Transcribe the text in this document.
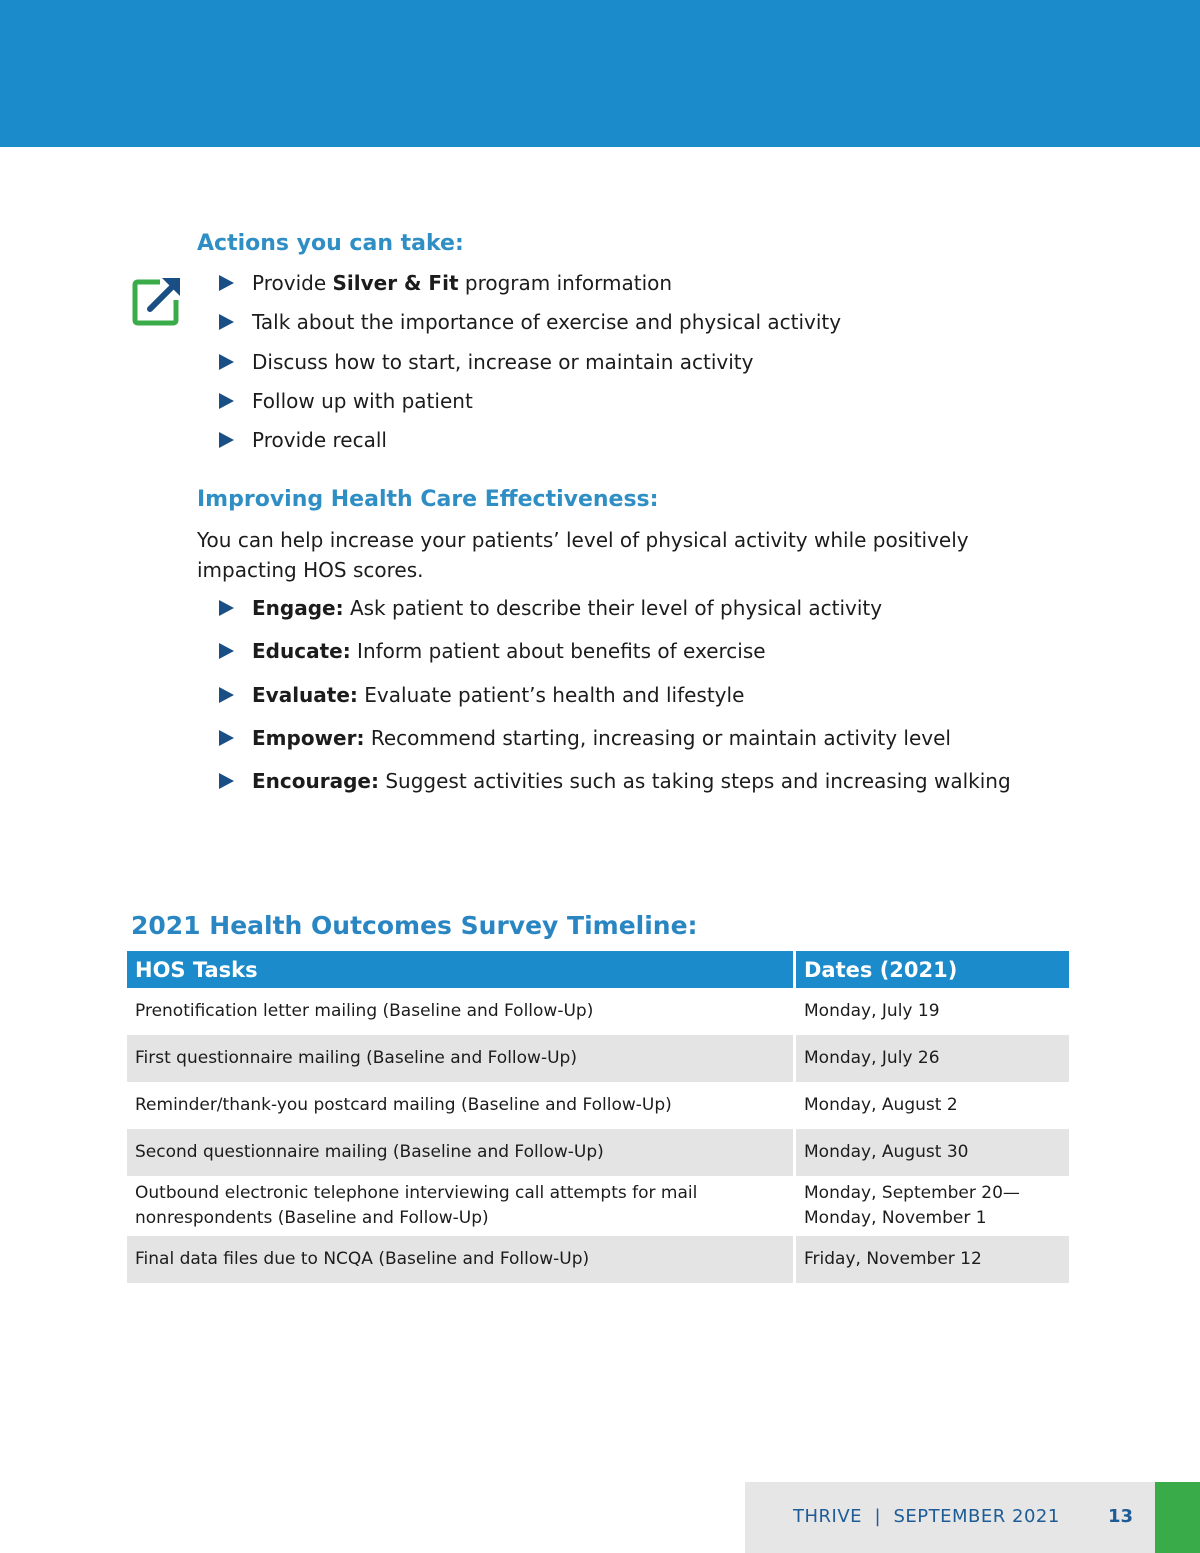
Actions you can take:
Provide Silver & Fit program information
Talk about the importance of exercise and physical activity
Discuss how to start, increase or maintain activity
Follow up with patient
Provide recall
Improving Health Care Effectiveness:

You can help increase your patients’ level of physical activity while positively impacting HOS scores.

Engage: Ask patient to describe their level of physical activity
Educate: Inform patient about benefits of exercise
Evaluate: Evaluate patient’s health and lifestyle
Empower: Recommend starting, increasing or maintain activity level
Encourage: Suggest activities such as taking steps and increasing walking
2021 Health Outcomes Survey Timeline:
HOS Tasks	Dates (2021)
Prenotification letter mailing (Baseline and Follow-Up)	Monday, July 19
First questionnaire mailing (Baseline and Follow-Up)	Monday, July 26
Reminder/thank-you postcard mailing (Baseline and Follow-Up)	Monday, August 2
Second questionnaire mailing (Baseline and Follow-Up)	Monday, August 30
Outbound electronic telephone interviewing call attempts for mail nonrespondents (Baseline and Follow-Up)	Monday, September 20—Monday, November 1
Final data files due to NCQA (Baseline and Follow-Up)	Friday, November 12
THRIVE  |  SEPTEMBER 2021	13
